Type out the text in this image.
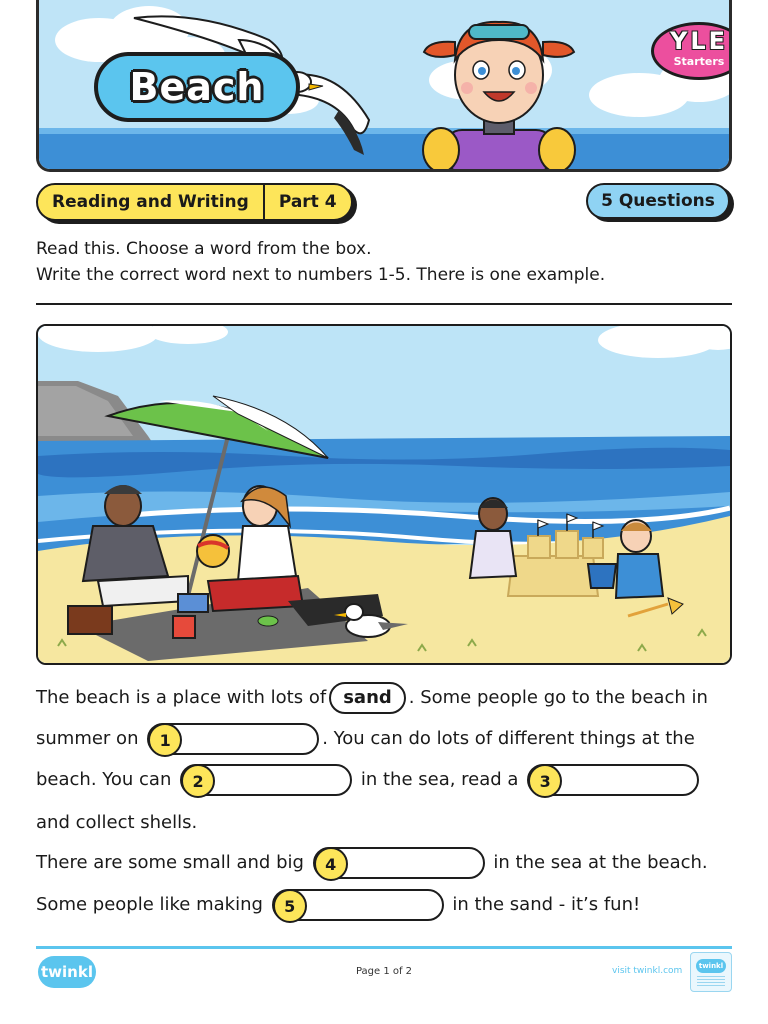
Beach
YLE
Starters
Reading and Writing	Part 4	5 Questions
Read this. Choose a word from the box.
Write the correct word next to numbers 1-5. There is one example.
The beach is a place with lots of sand . Some people go to the beach in
summer on	1	. You can do lots of different things at the
beach. You can	2	in the sea, read a	3
and collect shells.
There are some small and big	4	in the sea at the beach.
Some people like making	5	in the sand - it’s fun!
twinkl	Page 1 of 2	visit twinkl.com
twinkl
